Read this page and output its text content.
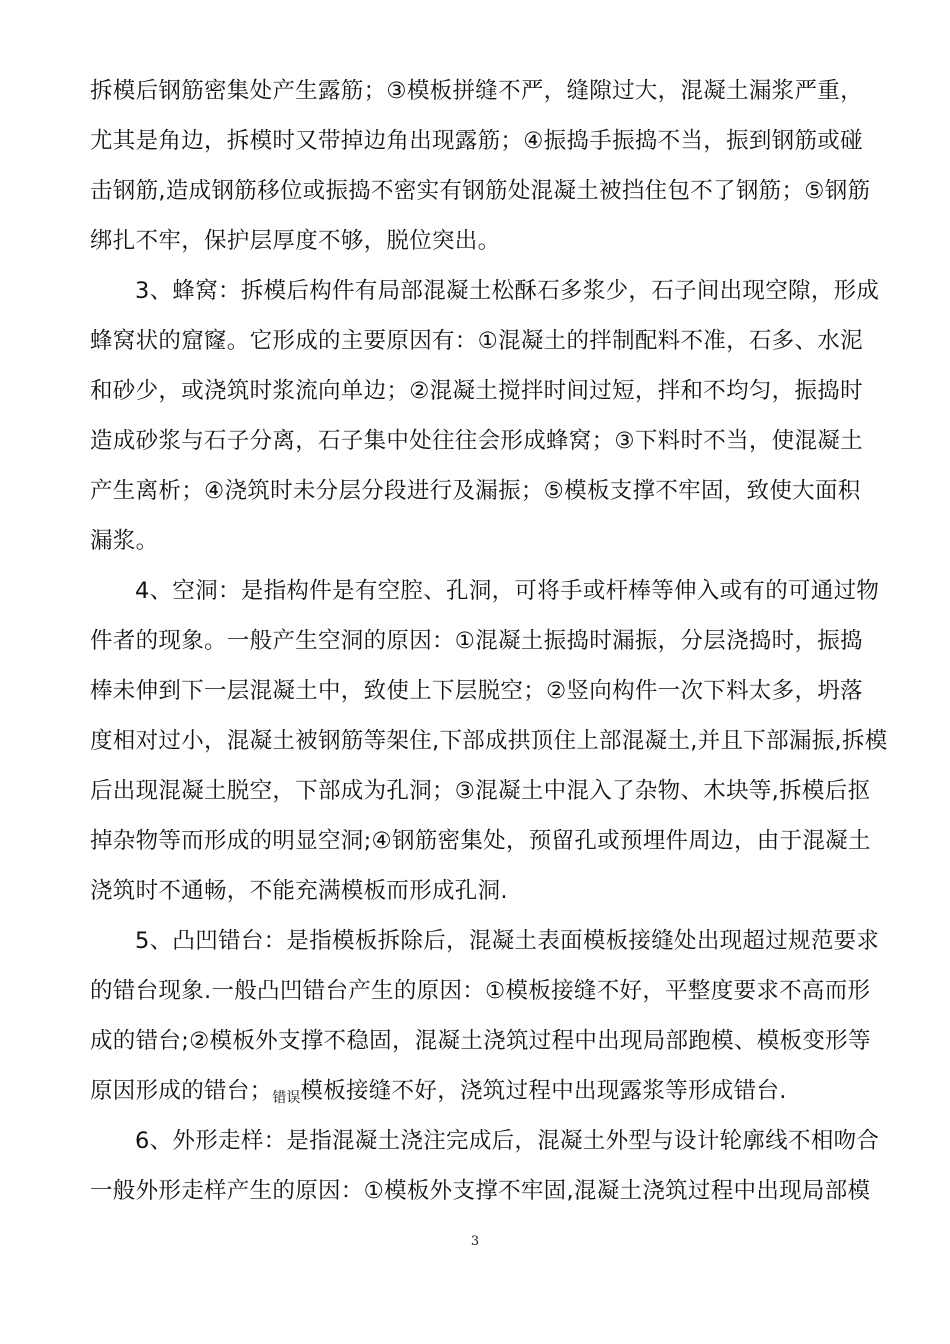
拆模后钢筋密集处产生露筋；③模板拼缝不严，缝隙过大，混凝土漏浆严重，
尤其是角边，拆模时又带掉边角出现露筋；④振捣手振捣不当，振到钢筋或碰
击钢筋,造成钢筋移位或振捣不密实有钢筋处混凝土被挡住包不了钢筋；⑤钢筋
绑扎不牢，保护层厚度不够，脱位突出。
3、蜂窝：拆模后构件有局部混凝土松酥石多浆少，石子间出现空隙，形成
蜂窝状的窟窿。它形成的主要原因有：①混凝土的拌制配料不准，石多、水泥
和砂少，或浇筑时浆流向单边；②混凝土搅拌时间过短，拌和不均匀，振捣时
造成砂浆与石子分离，石子集中处往往会形成蜂窝；③下料时不当，使混凝土
产生离析；④浇筑时未分层分段进行及漏振；⑤模板支撑不牢固，致使大面积
漏浆。
4、空洞：是指构件是有空腔、孔洞，可将手或杆棒等伸入或有的可通过物
件者的现象。一般产生空洞的原因：①混凝土振捣时漏振，分层浇捣时，振捣
棒未伸到下一层混凝土中，致使上下层脱空；②竖向构件一次下料太多，坍落
度相对过小，混凝土被钢筋等架住,下部成拱顶住上部混凝土,并且下部漏振,拆模
后出现混凝土脱空，下部成为孔洞；③混凝土中混入了杂物、木块等,拆模后抠
掉杂物等而形成的明显空洞;④钢筋密集处，预留孔或预埋件周边，由于混凝土
浇筑时不通畅，不能充满模板而形成孔洞.
5、凸凹错台：是指模板拆除后，混凝土表面模板接缝处出现超过规范要求
的错台现象.一般凸凹错台产生的原因：①模板接缝不好，平整度要求不高而形
成的错台;②模板外支撑不稳固，混凝土浇筑过程中出现局部跑模、模板变形等
原因形成的错台；错误模板接缝不好，浇筑过程中出现露浆等形成错台.
6、外形走样：是指混凝土浇注完成后，混凝土外型与设计轮廓线不相吻合
一般外形走样产生的原因：①模板外支撑不牢固,混凝土浇筑过程中出现局部模
3
